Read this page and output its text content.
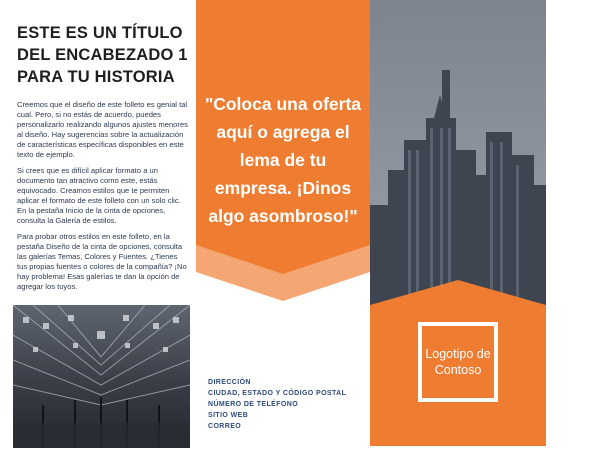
ESTE ES UN TÍTULO DEL ENCABEZADO 1 PARA TU HISTORIA

Creemos que el diseño de este folleto es genial tal cual. Pero, si no estás de acuerdo, puedes personalizarlo realizando algunos ajustes menores al diseño. Hay sugerencias sobre la actualización de características específicas disponibles en este texto de ejemplo.

Si crees que es difícil aplicar formato a un documento tan atractivo como este, estás equivocado. Creamos estilos que te permiten aplicar el formato de este folleto con un solo clic. En la pestaña Inicio de la cinta de opciones, consulta la Galería de estilos.

Para probar otros estilos en este folleto, en la pestaña Diseño de la cinta de opciones, consulta las galerías Temas, Colores y Fuentes. ¿Tienes tus propias fuentes o colores de la compañía? ¡No hay problema! Esas galerías te dan la opción de agregar los tuyos.

"Coloca una oferta aquí o agrega el lema de tu empresa. ¡Dinos algo asombroso!"
DIRECCIÓN
CIUDAD, ESTADO Y CÓDIGO POSTAL
NÚMERO DE TELÉFONO
SITIO WEB
CORREO
Logotipo de Contoso
